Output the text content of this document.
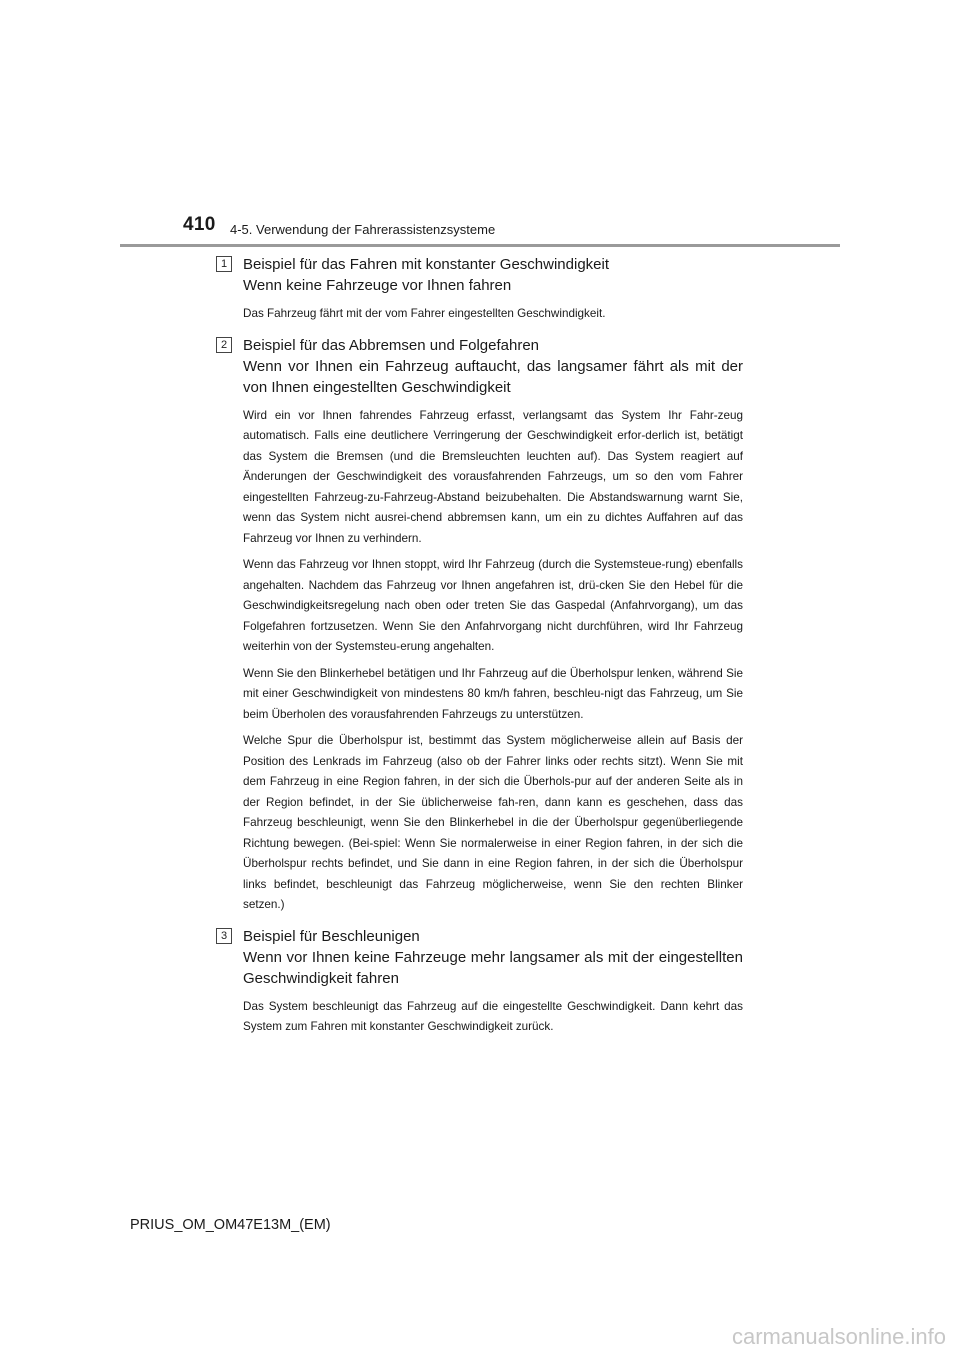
410 4-5. Verwendung der Fahrerassistenzsysteme
1	Beispiel für das Fahren mit konstanter Geschwindigkeit
Wenn keine Fahrzeuge vor Ihnen fahren

Das Fahrzeug fährt mit der vom Fahrer eingestellten Geschwindigkeit.

2	Beispiel für das Abbremsen und Folgefahren
Wenn vor Ihnen ein Fahrzeug auftaucht, das langsamer fährt als mit der von Ihnen eingestellten Geschwindigkeit

Wird ein vor Ihnen fahrendes Fahrzeug erfasst, verlangsamt das System Ihr Fahr-zeug automatisch. Falls eine deutlichere Verringerung der Geschwindigkeit erfor-derlich ist, betätigt das System die Bremsen (und die Bremsleuchten leuchten auf). Das System reagiert auf Änderungen der Geschwindigkeit des vorausfahrenden Fahrzeugs, um so den vom Fahrer eingestellten Fahrzeug-zu-Fahrzeug-Abstand beizubehalten. Die Abstandswarnung warnt Sie, wenn das System nicht ausrei-chend abbremsen kann, um ein zu dichtes Auffahren auf das Fahrzeug vor Ihnen zu verhindern.

Wenn das Fahrzeug vor Ihnen stoppt, wird Ihr Fahrzeug (durch die Systemsteue-rung) ebenfalls angehalten. Nachdem das Fahrzeug vor Ihnen angefahren ist, drü-cken Sie den Hebel für die Geschwindigkeitsregelung nach oben oder treten Sie das Gaspedal (Anfahrvorgang), um das Folgefahren fortzusetzen. Wenn Sie den Anfahrvorgang nicht durchführen, wird Ihr Fahrzeug weiterhin von der Systemsteu-erung angehalten.

Wenn Sie den Blinkerhebel betätigen und Ihr Fahrzeug auf die Überholspur lenken, während Sie mit einer Geschwindigkeit von mindestens 80 km/h fahren, beschleu-nigt das Fahrzeug, um Sie beim Überholen des vorausfahrenden Fahrzeugs zu unterstützen.

Welche Spur die Überholspur ist, bestimmt das System möglicherweise allein auf Basis der Position des Lenkrads im Fahrzeug (also ob der Fahrer links oder rechts sitzt). Wenn Sie mit dem Fahrzeug in eine Region fahren, in der sich die Überhols-pur auf der anderen Seite als in der Region befindet, in der Sie üblicherweise fah-ren, dann kann es geschehen, dass das Fahrzeug beschleunigt, wenn Sie den Blinkerhebel in die der Überholspur gegenüberliegende Richtung bewegen. (Bei-spiel: Wenn Sie normalerweise in einer Region fahren, in der sich die Überholspur rechts befindet, und Sie dann in eine Region fahren, in der sich die Überholspur links befindet, beschleunigt das Fahrzeug möglicherweise, wenn Sie den rechten Blinker setzen.)

3	Beispiel für Beschleunigen
Wenn vor Ihnen keine Fahrzeuge mehr langsamer als mit der eingestellten Geschwindigkeit fahren

Das System beschleunigt das Fahrzeug auf die eingestellte Geschwindigkeit. Dann kehrt das System zum Fahren mit konstanter Geschwindigkeit zurück.

PRIUS_OM_OM47E13M_(EM)
carmanualsonline.info
